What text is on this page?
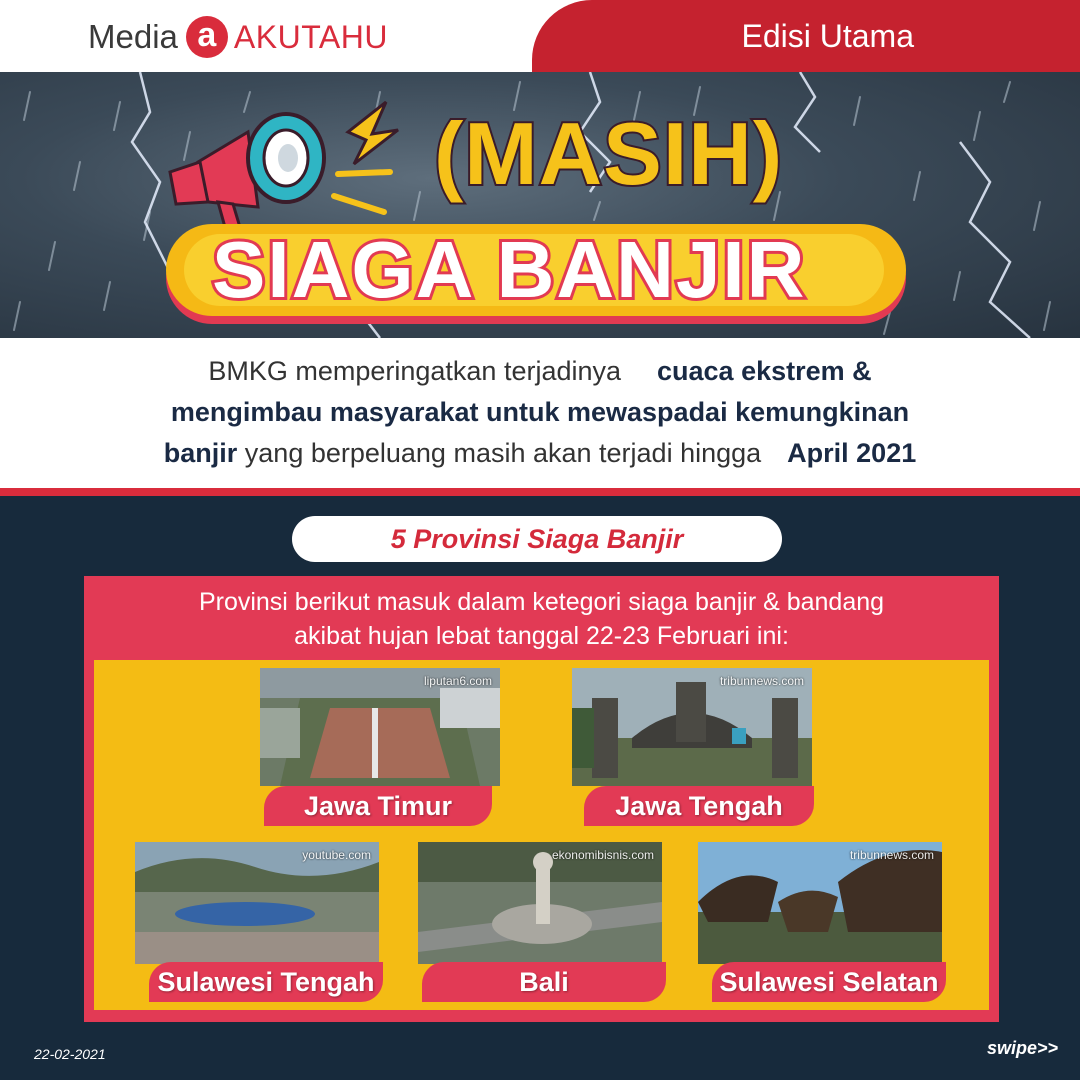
Media a AKUTAHU	Edisi Utama
(MASIH)
SIAGA BANJIR
BMKG memperingatkan terjadinya cuaca ekstrem &
mengimbau masyarakat untuk mewaspadai kemungkinan
banjir yang berpeluang masih akan terjadi hingga April 2021
5 Provinsi Siaga Banjir
Provinsi berikut masuk dalam ketegori siaga banjir & bandang
akibat hujan lebat tanggal 22-23 Februari ini:
liputan6.com
Jawa Timur
tribunnews.com
Jawa Tengah
youtube.com
Sulawesi Tengah
ekonomibisnis.com
Bali
tribunnews.com
Sulawesi Selatan
22-02-2021	swipe>>
